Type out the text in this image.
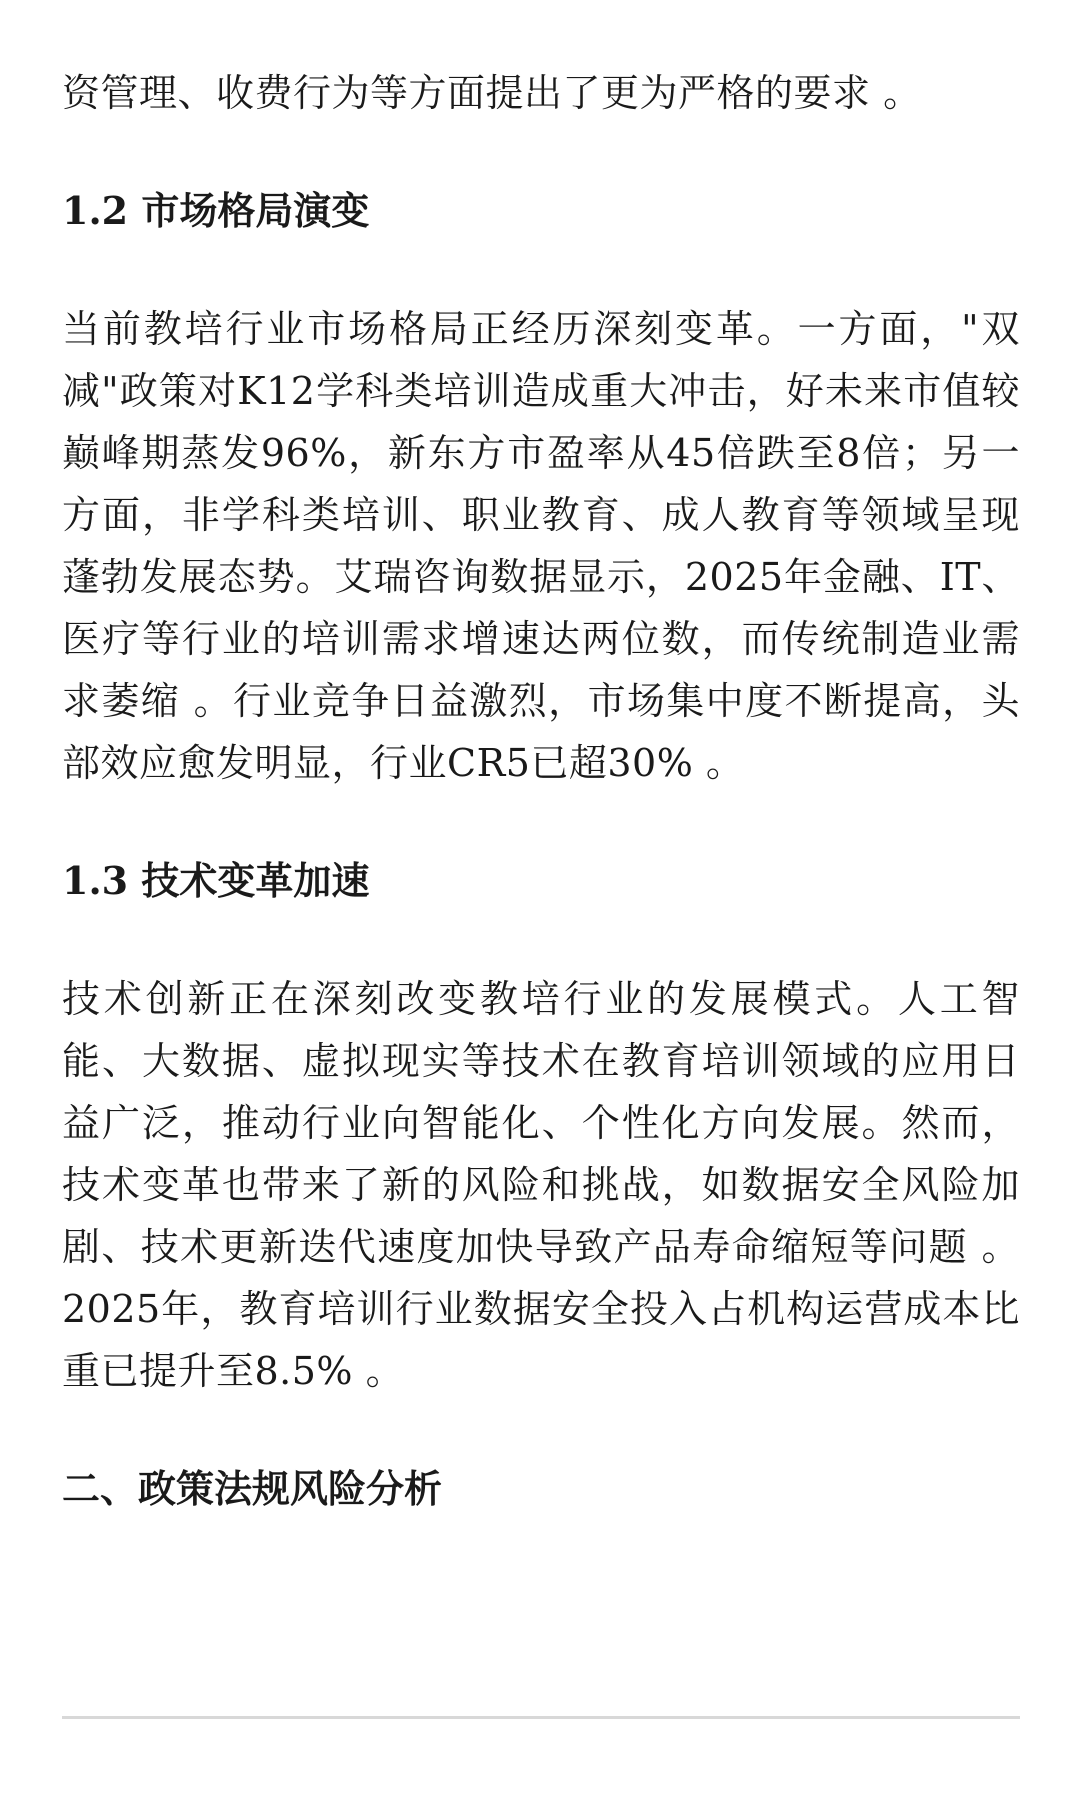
资管理、收费行为等方面提出了更为严格的要求 。

1.2 市场格局演变

当前教培行业市场格局正经历深刻变革。一方面，"双减"政策对K12学科类培训造成重大冲击，好未来市值较巅峰期蒸发96%，新东方市盈率从45倍跌至8倍；另一方面，非学科类培训、职业教育、成人教育等领域呈现蓬勃发展态势。艾瑞咨询数据显示，2025年金融、IT、医疗等行业的培训需求增速达两位数，而传统制造业需求萎缩 。行业竞争日益激烈，市场集中度不断提高，头部效应愈发明显，行业CR5已超30% 。

1.3 技术变革加速

技术创新正在深刻改变教培行业的发展模式。人工智能、大数据、虚拟现实等技术在教育培训领域的应用日益广泛，推动行业向智能化、个性化方向发展。然而，技术变革也带来了新的风险和挑战，如数据安全风险加剧、技术更新迭代速度加快导致产品寿命缩短等问题 。2025年，教育培训行业数据安全投入占机构运营成本比重已提升至8.5% 。

二、政策法规风险分析
